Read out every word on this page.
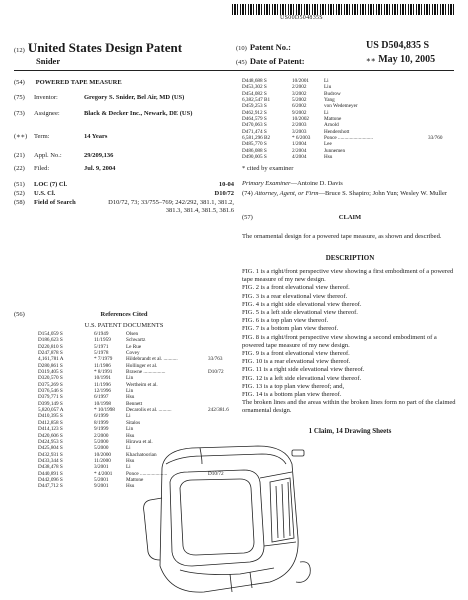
US00D504835S
(12) United States Design Patent
Snider
(10) Patent No.:	US D504,835 S
(45) Date of Patent:	∗∗ May 10, 2005
(54) POWERED TAPE MEASURE
(75) Inventor:	Gregory S. Snider, Bel Air, MD (US)
(73) Assignee:	Black & Decker Inc., Newark, DE (US)
(∗∗) Term:	14 Years
(21) Appl. No.:	29/209,136
(22) Filed:	Jul. 9, 2004
(51) LOC (7) Cl.	10-04
(52) U.S. Cl.	D10/72
(58) Field of Search	D10/72, 73; 33/755–769; 242/292, 381.1, 381.2, 381.3, 381.4, 381.5, 381.6
(56)	References Cited
U.S. PATENT DOCUMENTS
D154,059 S	6/1949	Olsen
D186,623 S	11/1959	Schwartz
D220,810 S	5/1971	Le Rue
D247,878 S	5/1978	Covey
4,161,781 A	* 7/1979	Hildebrandt et al. ...........	33/763
D280,861 S	11/1986	Hollinger et al.
D319,405 S	* 8/1991	Brawne .................	D10/72
D320,570 S	10/1991	Lin
D375,269 S	11/1996	Wertheim et al.
D376,546 S	12/1996	Lin
D379,771 S	6/1997	Hsu
D399,149 S	10/1998	Bennett
5,820,057 A	* 10/1998 Decarolis et al. ..........	242/381.6
D410,395 S	6/1999	Li
D412,858 S	8/1999	Sitalos
D414,123 S	9/1999	Lin
D420,606 S	2/2000	Hsu
D424,953 S	5/2000	Hirawa et al.
D425,804 S	5/2000	Li
D432,931 S	10/2000	Khachatoorian
D433,344 S	11/2000	Hsu
D438,478 S	3/2001	Li
D440,891 S	* 4/2001	Ponce .....................	D10/72
D442,096 S	5/2001	Mattone
D447,712 S	9/2001	Hsu
D448,688 S	10/2001	Li
D453,302 S	2/2002	Liu
D454,082 S	3/2002	Budrow
6,382,547 B1	5/2002	Yang
D459,253 S	6/2002	von Wedemeyer
D462,912 S	9/2002	Li
D464,579 S	10/2002	Mattone
D470,063 S	2/2003	Arnold
D471,474 S	3/2003	Hendershott
6,581,296 B2	* 6/2003	Ponce ...........................	33/760
D485,770 S	1/2004	Lee
D486,088 S	2/2004	Junnemen
D490,005 S	4/2004	Hsu
* cited by examiner
Primary Examiner—Antoine D. Davis
(74) Attorney, Agent, or Firm—Bruce S. Shapiro; John Yun; Wesley W. Muller
(57)	CLAIM
The ornamental design for a powered tape measure, as shown and described.
DESCRIPTION

FIG. 1 is a right/front perspective view showing a first embodiment of a powered tape measure of my new design.

FIG. 2 is a front elevational view thereof.

FIG. 3 is a rear elevational view thereof.

FIG. 4 is a right side elevational view thereof.

FIG. 5 is a left side elevational view thereof.

FIG. 6 is a top plan view thereof.

FIG. 7 is a bottom plan view thereof.

FIG. 8 is a right/front perspective view showing a second embodiment of a powered tape measure of my new design.

FIG. 9 is a front elevational view thereof.

FIG. 10 is a rear elevational view thereof.

FIG. 11 is a right side elevational view thereof.

FIG. 12 is a left side elevational view thereof.

FIG. 13 is a top plan view thereof; and,

FIG. 14 is a bottom plan view thereof.

The broken lines and the areas within the broken lines form no part of the claimed ornamental design.

1 Claim, 14 Drawing Sheets
